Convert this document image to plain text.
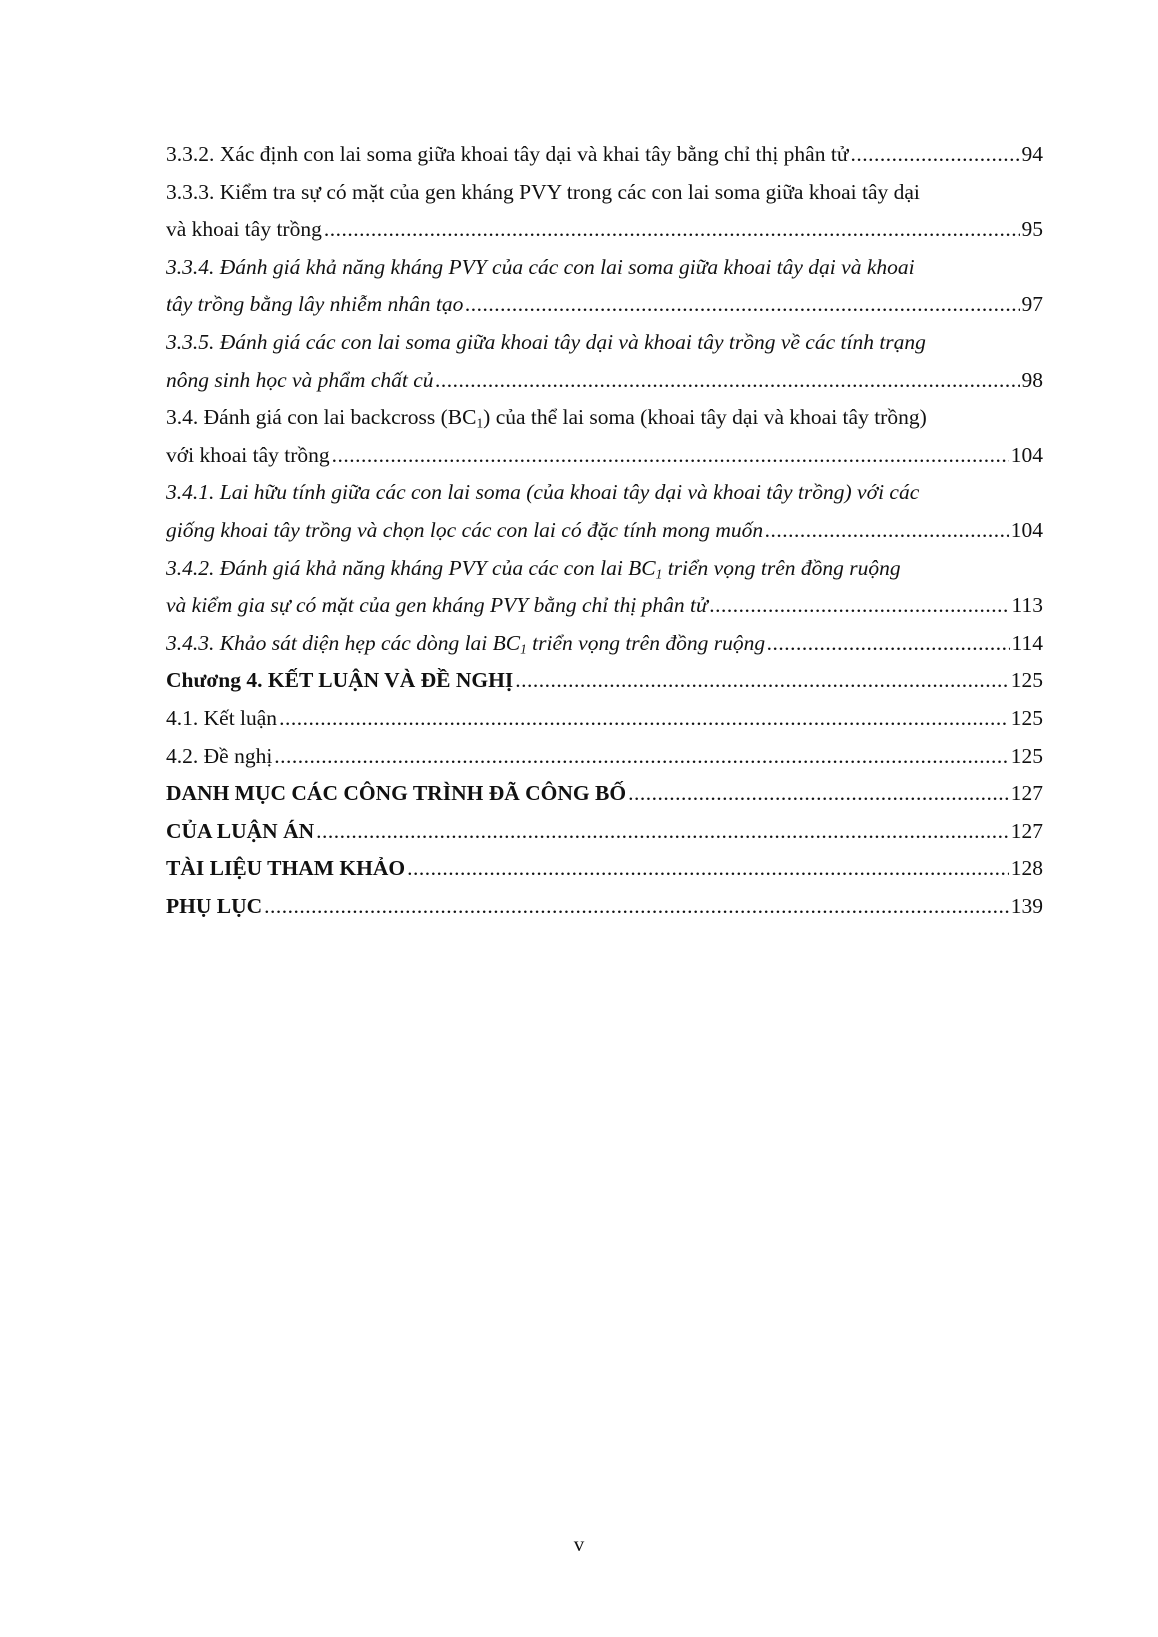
3.3.2. Xác định con lai soma giữa khoai tây dại và khai tây bằng chỉ thị phân tử .....	94
3.3.3. Kiểm tra sự có mặt của gen kháng PVY trong các con lai soma giữa khoai tây dại
và khoai tây trồng .....	95
3.3.4. Đánh giá khả năng kháng PVY của các con lai soma giữa khoai tây dại và khoai
tây trồng bằng lây nhiễm nhân tạo .....	97
3.3.5. Đánh giá các con lai soma giữa khoai tây dại và khoai tây trồng về các tính trạng
nông sinh học và phẩm chất củ .....	98
3.4. Đánh giá con lai backcross $(BC_1)$ của thể lai soma (khoai tây dại và khoai tây trồng)
với khoai tây trồng .....	104
3.4.1. Lai hữu tính giữa các con lai soma (của khoai tây dại và khoai tây trồng) với các
giống khoai tây trồng và chọn lọc các con lai có đặc tính mong muốn .....	104
3.4.2. Đánh giá khả năng kháng PVY của các con lai $BC_1$ triển vọng trên đồng ruộng
và kiểm gia sự có mặt của gen kháng PVY bằng chỉ thị phân tử .....	113
3.4.3. Khảo sát diện hẹp các dòng lai $BC_1$ triển vọng trên đồng ruộng .....	114
Chương 4. KẾT LUẬN VÀ ĐỀ NGHỊ .....	125
4.1. Kết luận .....	125
4.2. Đề nghị .....	125
DANH MỤC CÁC CÔNG TRÌNH ĐÃ CÔNG BỐ .....	127
CỦA LUẬN ÁN .....	127
TÀI LIỆU THAM KHẢO .....	128
PHỤ LỤC .....	139
v
